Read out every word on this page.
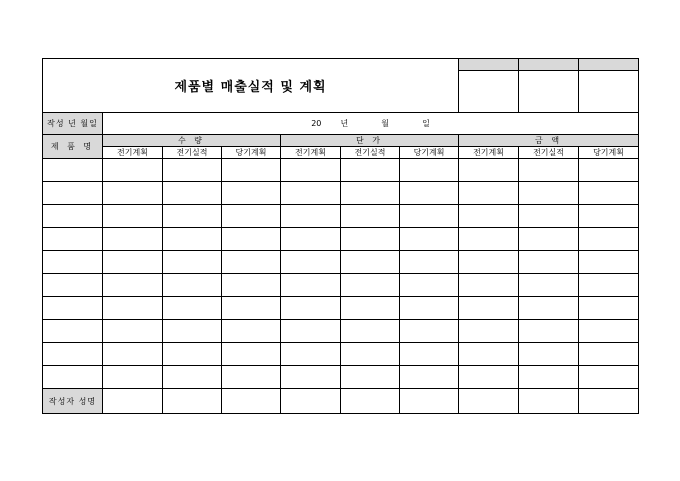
제품별 매출실적 및 계획									

작성 년 월일	20 년 월 일								
제 품 명	수 량			단 가			금 액		
	전기계획	전기실적	당기계획	전기계획	전기실적	당기계획	전기계획	전기실적	당기계획

작성자 성명									
